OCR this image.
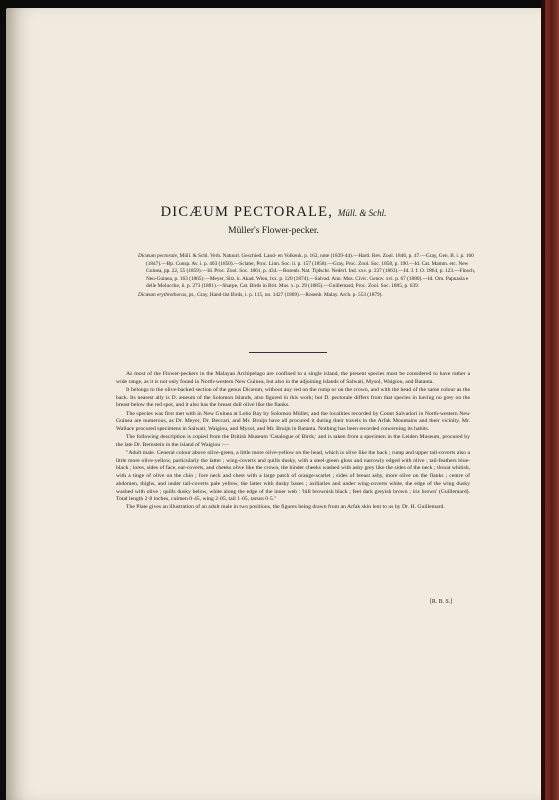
DICÆUM PECTORALE, Müll. & Schl.
Müller's Flower-pecker.

Dicæum pectorale, Müll. & Schl. Verh. Natuurl. Geschied. Land- en Volkenk. p. 162, note (1839-44).—Hartl. Rev. Zool. 1846, p. 47.—Gray, Gen. B. i. p. 100 (1847).—Bp. Consp. Av. i. p. 403 (1850).—Sclater, Proc. Linn. Soc. ii. p. 157 (1858).—Gray, Proc. Zool. Soc. 1858, p. 190.—Id. Cat. Mamm. etc. New Guinea, pp. 22, 55 (1859).—Id. Proc. Zool. Soc. 1861, p. 434.—Rosenb. Nat. Tijdschr. Nederl. Ind. xxv. p. 237 (1863).—Id. J. f. O. 1864, p. 123.—Finsch, Neu-Guinea, p. 163 (1865).—Meyer, Sitz. k. Akad. Wien, lxx. p. 120 (1874).—Salvad. Ann. Mus. Civic. Genov. xvi. p. 67 (1880).—Id. Orn. Papuasia e delle Molucche, ii. p. 273 (1881).—Sharpe, Cat. Birds in Brit. Mus. x. p. 29 (1885).—Guillemard, Proc. Zool. Soc. 1885, p. 639.

Dicæum erythrothorax, pt., Gray, Hand-list Birds, i. p. 115, no. 1427 (1869).—Rosenb. Malay. Arch. p. 553 (1879).

As most of the Flower-peckers in the Malayan Archipelago are confined to a single island, the present species must be considered to have rather a wide range, as it is not only found in North-western New Guinea, but also in the adjoining islands of Salwati, Mysol, Waigiou, and Batanta.

It belongs to the olive-backed section of the genus Dicæum, without any red on the rump or on the crown, and with the head of the same colour as the back. Its nearest ally is D. æneum of the Solomon Islands, also figured in this work; but D. pectorale differs from that species in having no grey on the breast below the red spot, and it also has the breast dull olive like the flanks.

The species was first met with in New Guinea at Lobo Bay by Solomon Müller, and the localities recorded by Count Salvadori in North-western New Guinea are numerous, as Dr. Meyer, Dr. Beccari, and Mr. Bruijn have all procured it during their travels in the Arfak Mountains and their vicinity. Mr. Wallace procured specimens in Salwati, Waigiou, and Mysol, and Mr. Bruijn in Batanta. Nothing has been recorded concerning its habits.

The following description is copied from the British Museum 'Catalogue of Birds,' and is taken from a specimen in the Leiden Museum, procured by the late Dr. Bernstein in the island of Waigiou :—

"Adult male. General colour above olive-green, a little more olive-yellow on the head, which is olive like the back ; rump and upper tail-coverts also a little more olive-yellow, particularly the latter ; wing-coverts and quills dusky, with a steel-green gloss and narrowly edged with olive ; tail-feathers blue-black ; lores, sides of face, ear-coverts, and cheeks olive like the crown, the hinder cheeks washed with ashy grey like the sides of the neck ; throat whitish, with a tinge of olive on the chin ; fore neck and chest with a large patch of orange-scarlet ; sides of breast ashy, more olive on the flanks ; centre of abdomen, thighs, and under tail-coverts pale yellow, the latter with dusky bases ; axillaries and under wing-coverts white, the edge of the wing dusky washed with olive ; quills dusky below, white along the edge of the inner web : 'bill brownish black ; feet dark greyish brown ; iris brown' (Guillemard). Total length 2·8 inches, culmen 0·45, wing 2·05, tail 1·05, tarsus 0·5."

The Plate gives an illustration of an adult male in two positions, the figures being drawn from an Arfak skin lent to us by Dr. H. Guillemard.

[R. B. S.]
